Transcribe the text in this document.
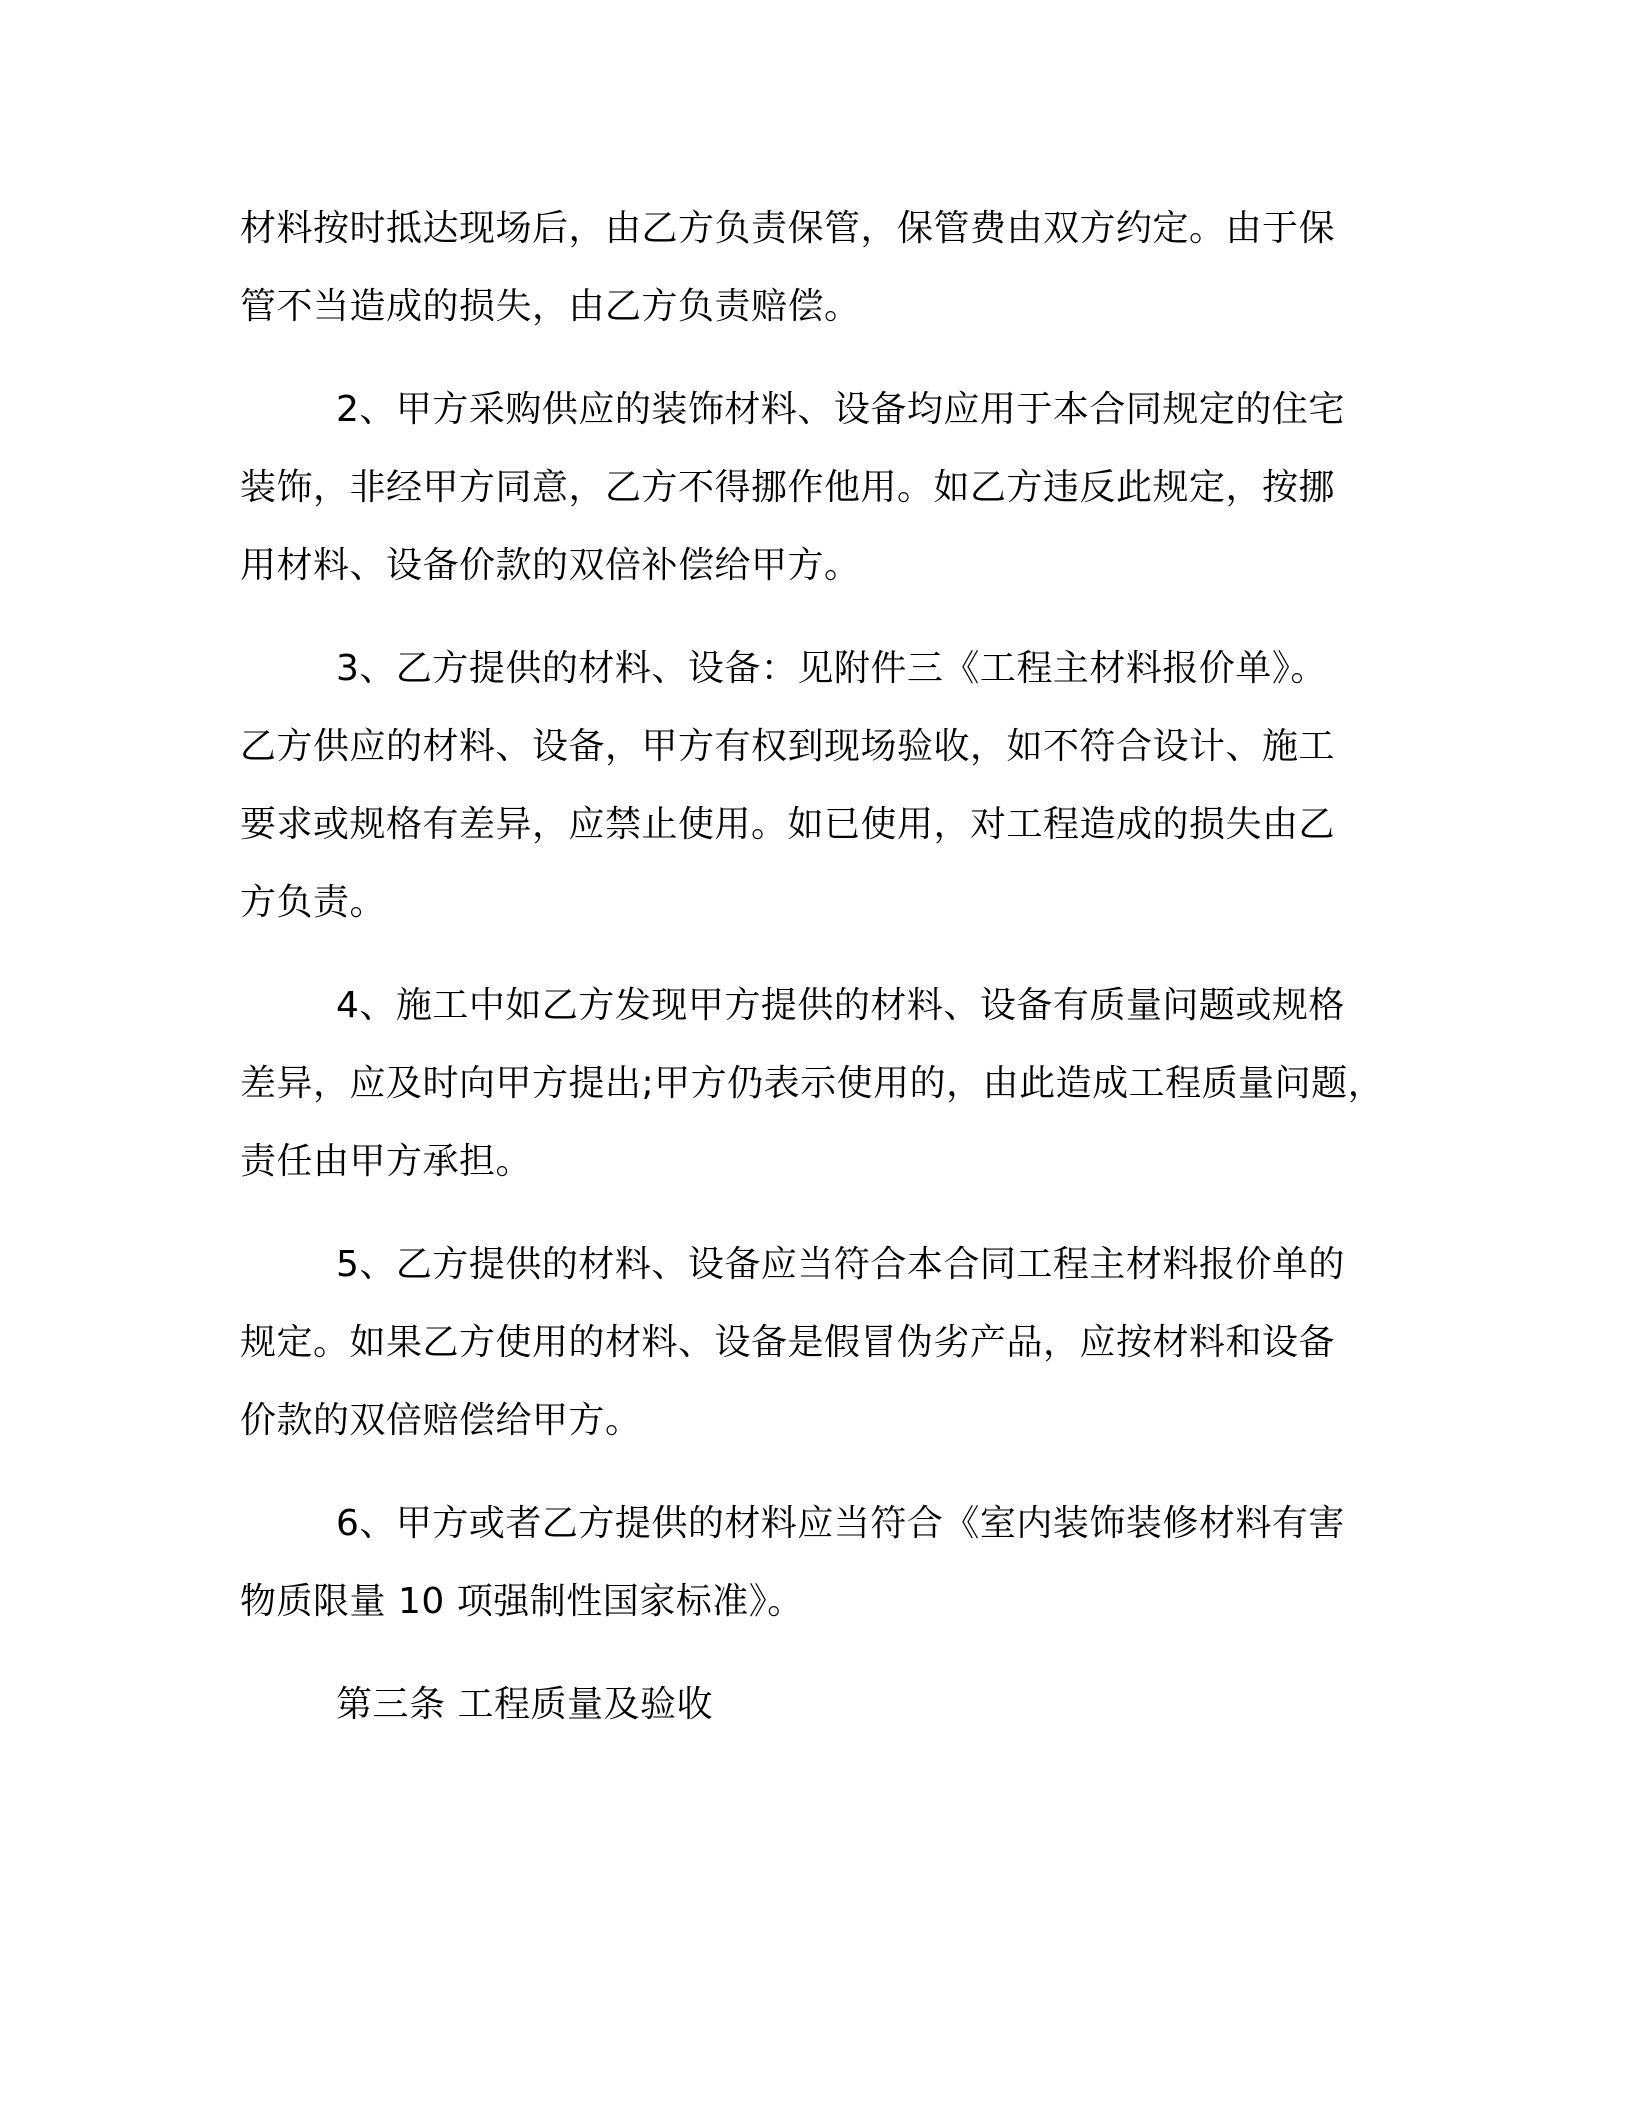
材料按时抵达现场后，由乙方负责保管，保管费由双方约定。由于保
管不当造成的损失，由乙方负责赔偿。
2、甲方采购供应的装饰材料、设备均应用于本合同规定的住宅
装饰，非经甲方同意，乙方不得挪作他用。如乙方违反此规定，按挪
用材料、设备价款的双倍补偿给甲方。
3、乙方提供的材料、设备：见附件三《工程主材料报价单》。
乙方供应的材料、设备，甲方有权到现场验收，如不符合设计、施工
要求或规格有差异，应禁止使用。如已使用，对工程造成的损失由乙
方负责。
4、施工中如乙方发现甲方提供的材料、设备有质量问题或规格
差异，应及时向甲方提出;甲方仍表示使用的，由此造成工程质量问题，
责任由甲方承担。
5、乙方提供的材料、设备应当符合本合同工程主材料报价单的
规定。如果乙方使用的材料、设备是假冒伪劣产品，应按材料和设备
价款的双倍赔偿给甲方。
6、甲方或者乙方提供的材料应当符合《室内装饰装修材料有害
物质限量 10 项强制性国家标准》。
第三条 工程质量及验收
